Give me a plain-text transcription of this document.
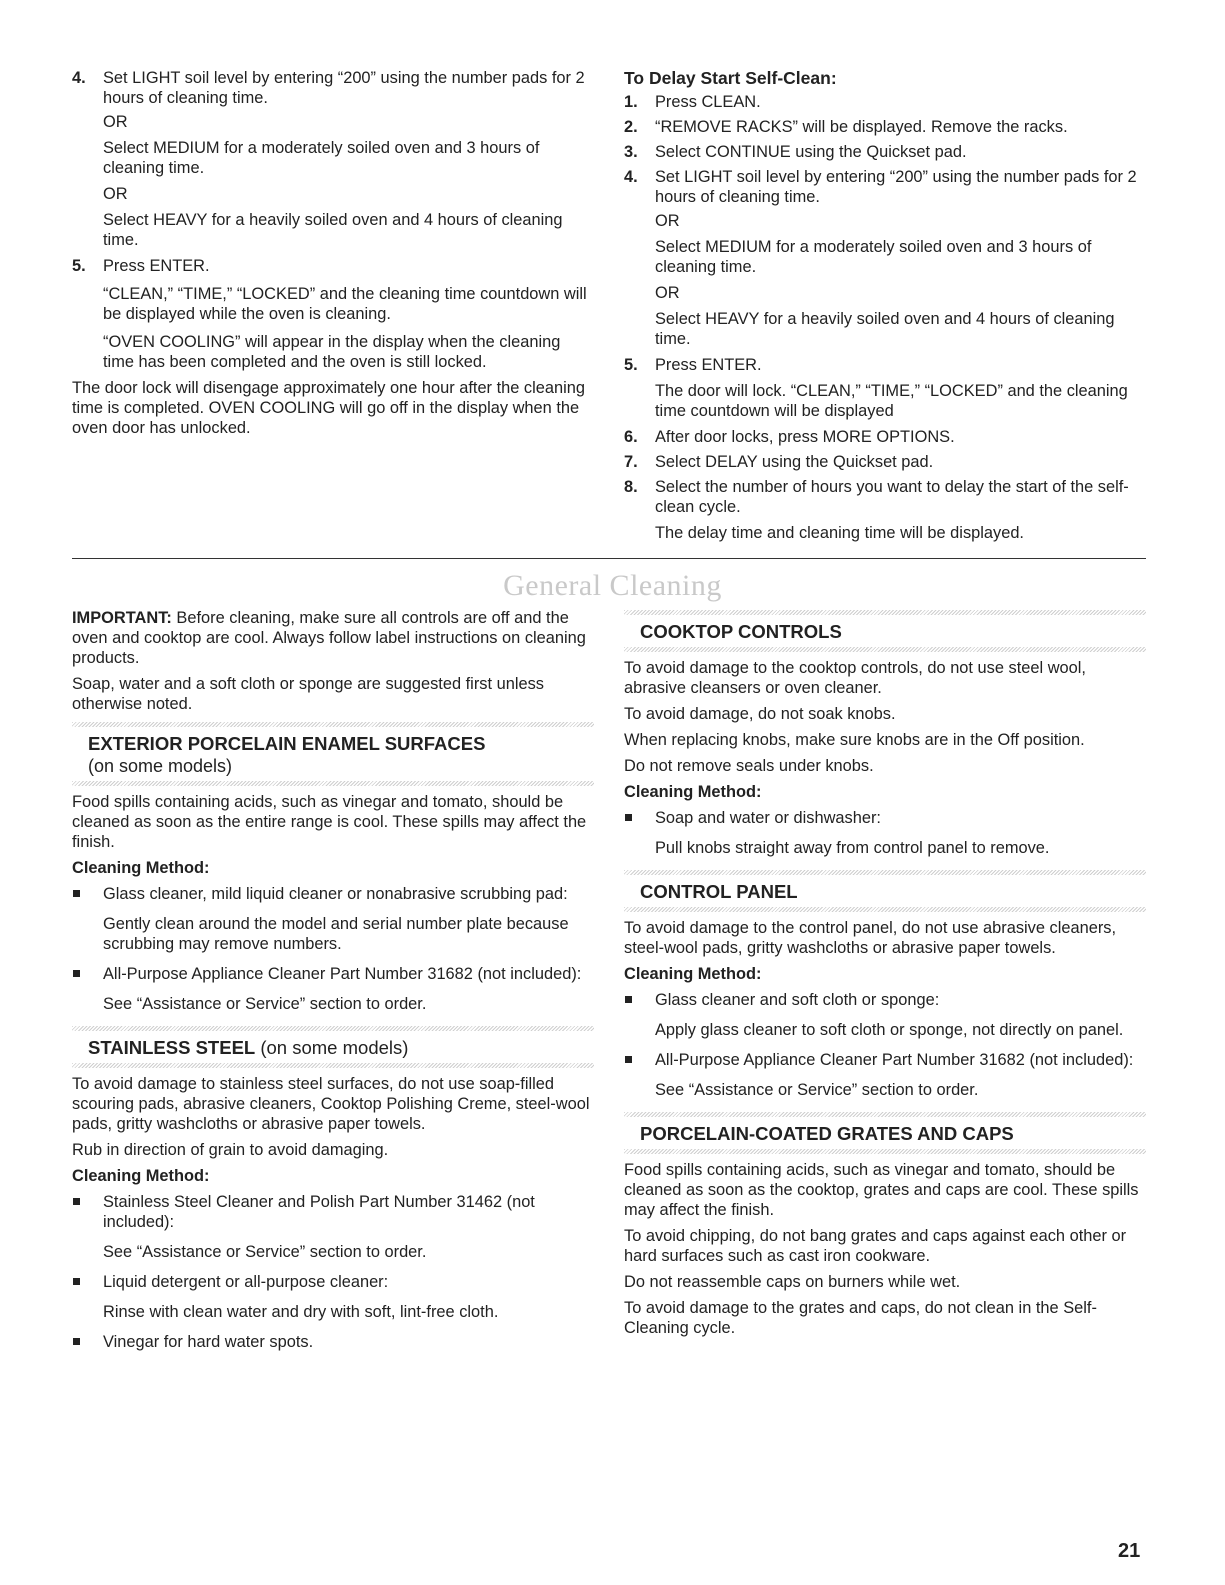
4. Set LIGHT soil level by entering “200” using the number pads for 2 hours of cleaning time.
OR
Select MEDIUM for a moderately soiled oven and 3 hours of cleaning time.
OR
Select HEAVY for a heavily soiled oven and 4 hours of cleaning time.
5. Press ENTER.
“CLEAN,” “TIME,” “LOCKED” and the cleaning time countdown will be displayed while the oven is cleaning.
“OVEN COOLING” will appear in the display when the cleaning time has been completed and the oven is still locked.

The door lock will disengage approximately one hour after the cleaning time is completed. OVEN COOLING will go off in the display when the oven door has unlocked.

To Delay Start Self-Clean:
1. Press CLEAN.
2. “REMOVE RACKS” will be displayed. Remove the racks.
3. Select CONTINUE using the Quickset pad.
4. Set LIGHT soil level by entering “200” using the number pads for 2 hours of cleaning time.
OR
Select MEDIUM for a moderately soiled oven and 3 hours of cleaning time.
OR
Select HEAVY for a heavily soiled oven and 4 hours of cleaning time.
5. Press ENTER.
The door will lock. “CLEAN,” “TIME,” “LOCKED” and the cleaning time countdown will be displayed
6. After door locks, press MORE OPTIONS.
7. Select DELAY using the Quickset pad.
8. Select the number of hours you want to delay the start of the self-clean cycle.
The delay time and cleaning time will be displayed.
General Cleaning

IMPORTANT: Before cleaning, make sure all controls are off and the oven and cooktop are cool. Always follow label instructions on cleaning products.

Soap, water and a soft cloth or sponge are suggested first unless otherwise noted.

EXTERIOR PORCELAIN ENAMEL SURFACES
(on some models)

Food spills containing acids, such as vinegar and tomato, should be cleaned as soon as the entire range is cool. These spills may affect the finish.

Cleaning Method:
Glass cleaner, mild liquid cleaner or nonabrasive scrubbing pad:
Gently clean around the model and serial number plate because scrubbing may remove numbers.
All-Purpose Appliance Cleaner Part Number 31682 (not included):
See “Assistance or Service” section to order.
STAINLESS STEEL (on some models)

To avoid damage to stainless steel surfaces, do not use soap-filled scouring pads, abrasive cleaners, Cooktop Polishing Creme, steel-wool pads, gritty washcloths or abrasive paper towels.

Rub in direction of grain to avoid damaging.

Cleaning Method:
Stainless Steel Cleaner and Polish Part Number 31462 (not included):
See “Assistance or Service” section to order.
Liquid detergent or all-purpose cleaner:
Rinse with clean water and dry with soft, lint-free cloth.
Vinegar for hard water spots.
COOKTOP CONTROLS

To avoid damage to the cooktop controls, do not use steel wool, abrasive cleansers or oven cleaner.

To avoid damage, do not soak knobs.

When replacing knobs, make sure knobs are in the Off position.

Do not remove seals under knobs.

Cleaning Method:
Soap and water or dishwasher:
Pull knobs straight away from control panel to remove.
CONTROL PANEL

To avoid damage to the control panel, do not use abrasive cleaners, steel-wool pads, gritty washcloths or abrasive paper towels.

Cleaning Method:
Glass cleaner and soft cloth or sponge:
Apply glass cleaner to soft cloth or sponge, not directly on panel.
All-Purpose Appliance Cleaner Part Number 31682 (not included):
See “Assistance or Service” section to order.
PORCELAIN-COATED GRATES AND CAPS

Food spills containing acids, such as vinegar and tomato, should be cleaned as soon as the cooktop, grates and caps are cool. These spills may affect the finish.

To avoid chipping, do not bang grates and caps against each other or hard surfaces such as cast iron cookware.

Do not reassemble caps on burners while wet.

To avoid damage to the grates and caps, do not clean in the Self-Cleaning cycle.

21
